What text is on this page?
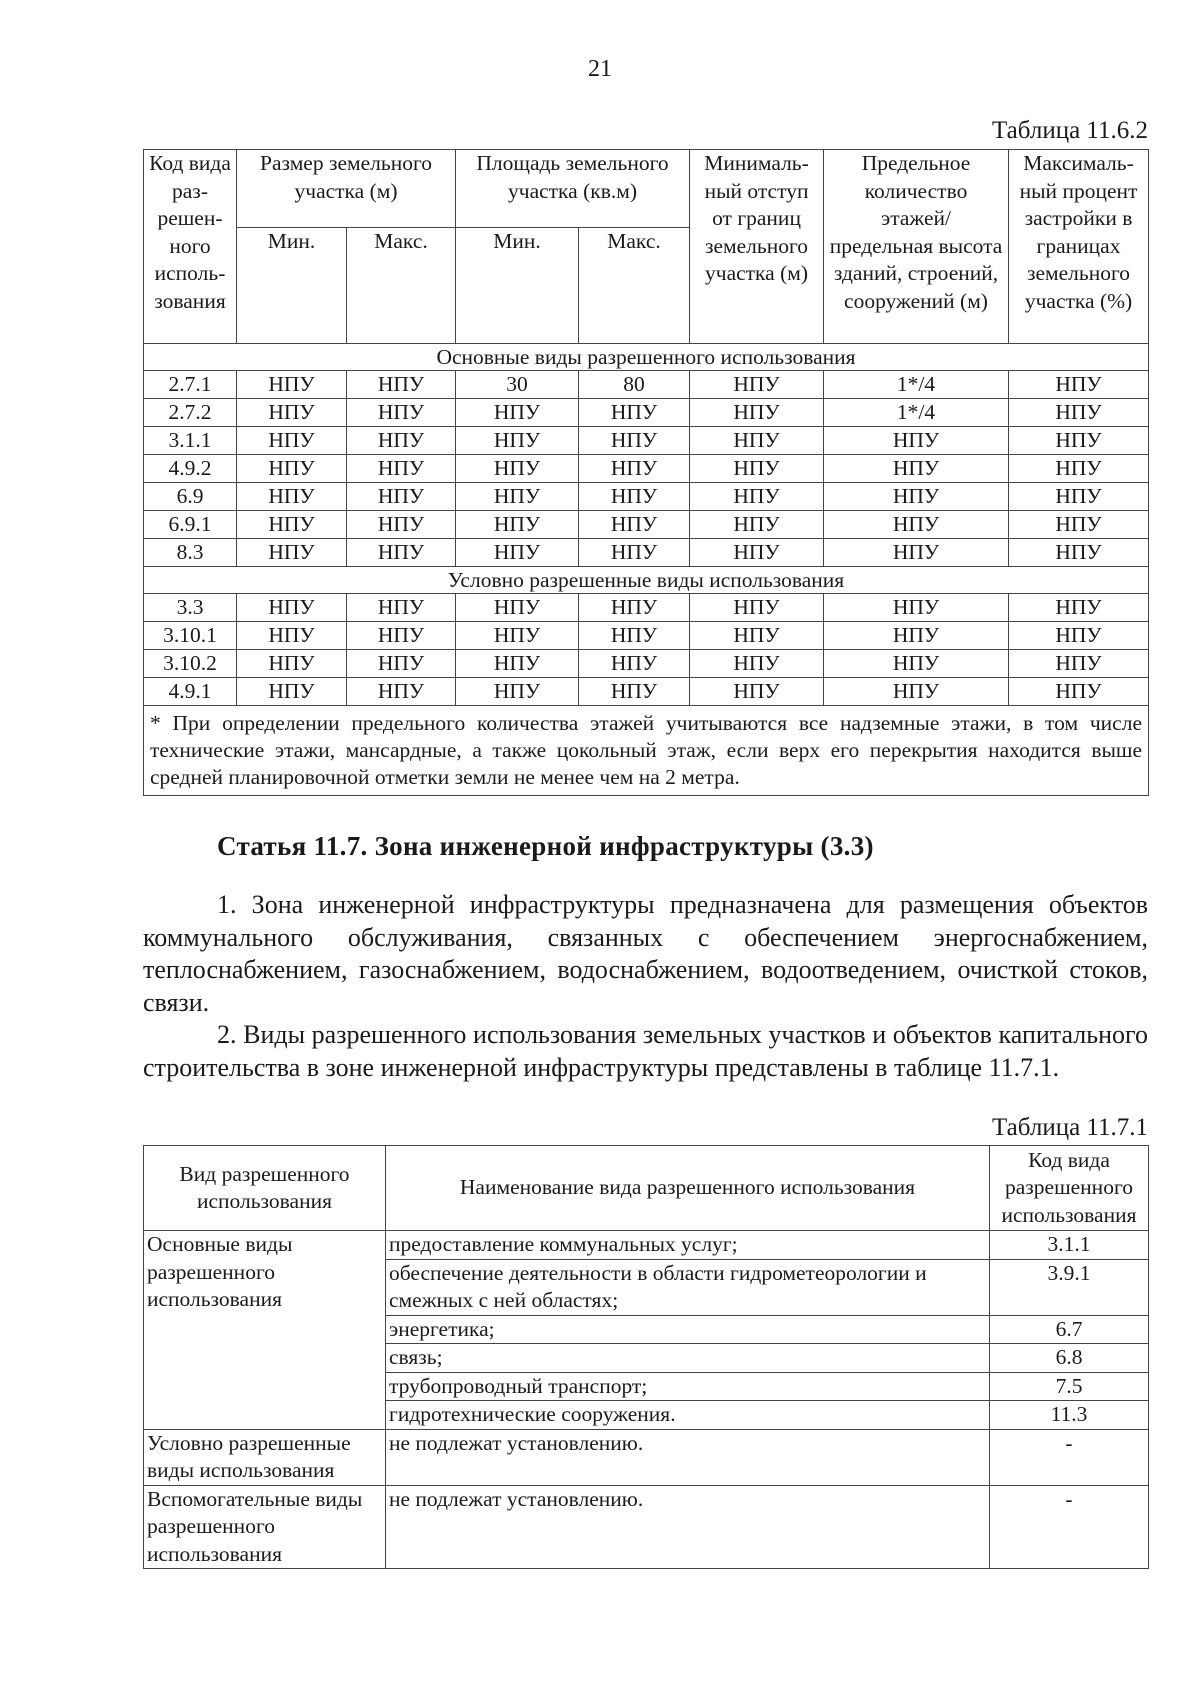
21
Таблица 11.6.2
Код вида разрешенного использования	Размер земельного участка (м)		Площадь земельного участка (кв.м)		Минимальный отступ от границ земельного участка (м)	Предельное количество этажей/ предельная высота зданий, строений, сооружений (м)	Максимальный процент застройки в границах земельного участка (%)
	Мин.	Макс.	Мин.	Макс.			
Основные виды разрешенного использования							
2.7.1	НПУ	НПУ	30	80	НПУ	1*/4	НПУ
2.7.2	НПУ	НПУ	НПУ	НПУ	НПУ	1*/4	НПУ
3.1.1	НПУ	НПУ	НПУ	НПУ	НПУ	НПУ	НПУ
4.9.2	НПУ	НПУ	НПУ	НПУ	НПУ	НПУ	НПУ
6.9	НПУ	НПУ	НПУ	НПУ	НПУ	НПУ	НПУ
6.9.1	НПУ	НПУ	НПУ	НПУ	НПУ	НПУ	НПУ
8.3	НПУ	НПУ	НПУ	НПУ	НПУ	НПУ	НПУ
Условно разрешенные виды использования							
3.3	НПУ	НПУ	НПУ	НПУ	НПУ	НПУ	НПУ
3.10.1	НПУ	НПУ	НПУ	НПУ	НПУ	НПУ	НПУ
3.10.2	НПУ	НПУ	НПУ	НПУ	НПУ	НПУ	НПУ
4.9.1	НПУ	НПУ	НПУ	НПУ	НПУ	НПУ	НПУ
* При определении предельного количества этажей учитываются все надземные этажи, в том числе технические этажи, мансардные, а также цокольный этаж, если верх его перекрытия находится выше средней планировочной отметки земли не менее чем на 2 метра.							
Статья 11.7. Зона инженерной инфраструктуры (3.3)

1. Зона инженерной инфраструктуры предназначена для размещения объектов коммунального обслуживания, связанных с обеспечением энергоснабжением, теплоснабжением, газоснабжением, водоснабжением, водоотведением, очисткой стоков, связи.

2. Виды разрешенного использования земельных участков и объектов капитального строительства в зоне инженерной инфраструктуры представлены в таблице 11.7.1.

Таблица 11.7.1
Вид разрешенного использования	Наименование вида разрешенного использования	Код вида разрешенного использования
Основные виды разрешенного использования	предоставление коммунальных услуг;	3.1.1
	обеспечение деятельности в области гидрометеорологии и смежных с ней областях;	3.9.1
	энергетика;	6.7
	связь;	6.8
	трубопроводный транспорт;	7.5
	гидротехнические сооружения.	11.3
Условно разрешенные виды использования	не подлежат установлению.	-
Вспомогательные виды разрешенного использования	не подлежат установлению.	-
